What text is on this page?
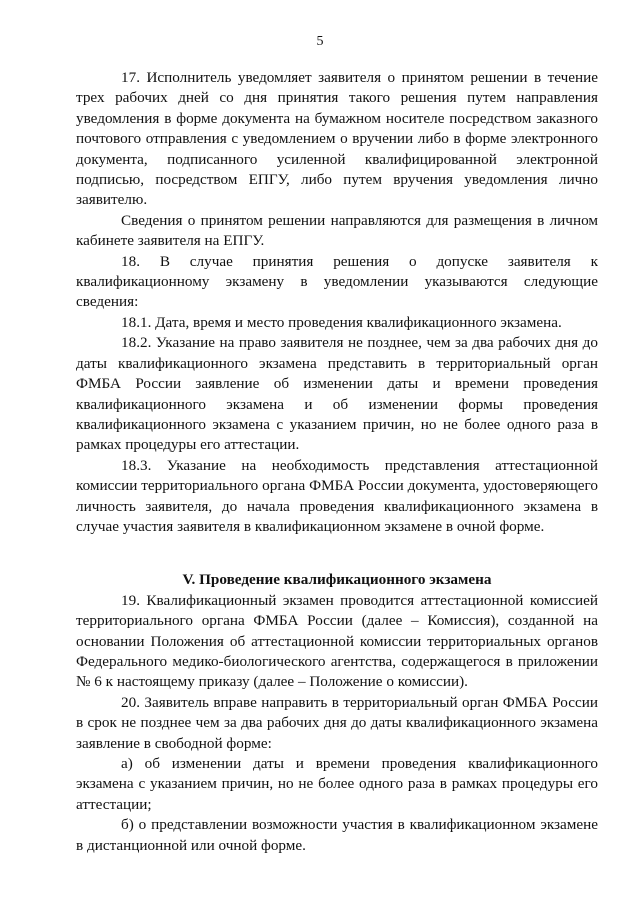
5

17. Исполнитель уведомляет заявителя о принятом решении в течение трех рабочих дней со дня принятия такого решения путем направления уведомления в форме документа на бумажном носителе посредством заказного почтового отправления с уведомлением о вручении либо в форме электронного документа, подписанного усиленной квалифицированной электронной подписью, посредством ЕПГУ, либо путем вручения уведомления лично заявителю.

Сведения о принятом решении направляются для размещения в личном кабинете заявителя на ЕПГУ.

18. В случае принятия решения о допуске заявителя к квалификационному экзамену в уведомлении указываются следующие сведения:

18.1. Дата, время и место проведения квалификационного экзамена.

18.2. Указание на право заявителя не позднее, чем за два рабочих дня до даты квалификационного экзамена представить в территориальный орган ФМБА России заявление об изменении даты и времени проведения квалификационного экзамена и об изменении формы проведения квалификационного экзамена с указанием причин, но не более одного раза в рамках процедуры его аттестации.

18.3. Указание на необходимость представления аттестационной комиссии территориального органа ФМБА России документа, удостоверяющего личность заявителя, до начала проведения квалификационного экзамена в случае участия заявителя в квалификационном экзамене в очной форме.

V. Проведение квалификационного экзамена

19. Квалификационный экзамен проводится аттестационной комиссией территориального органа ФМБА России (далее – Комиссия), созданной на основании Положения об аттестационной комиссии территориальных органов Федерального медико-биологического агентства, содержащегося в приложении № 6 к настоящему приказу (далее – Положение о комиссии).

20. Заявитель вправе направить в территориальный орган ФМБА России в срок не позднее чем за два рабочих дня до даты квалификационного экзамена заявление в свободной форме:

а) об изменении даты и времени проведения квалификационного экзамена с указанием причин, но не более одного раза в рамках процедуры его аттестации;

б) о представлении возможности участия в квалификационном экзамене в дистанционной или очной форме.
